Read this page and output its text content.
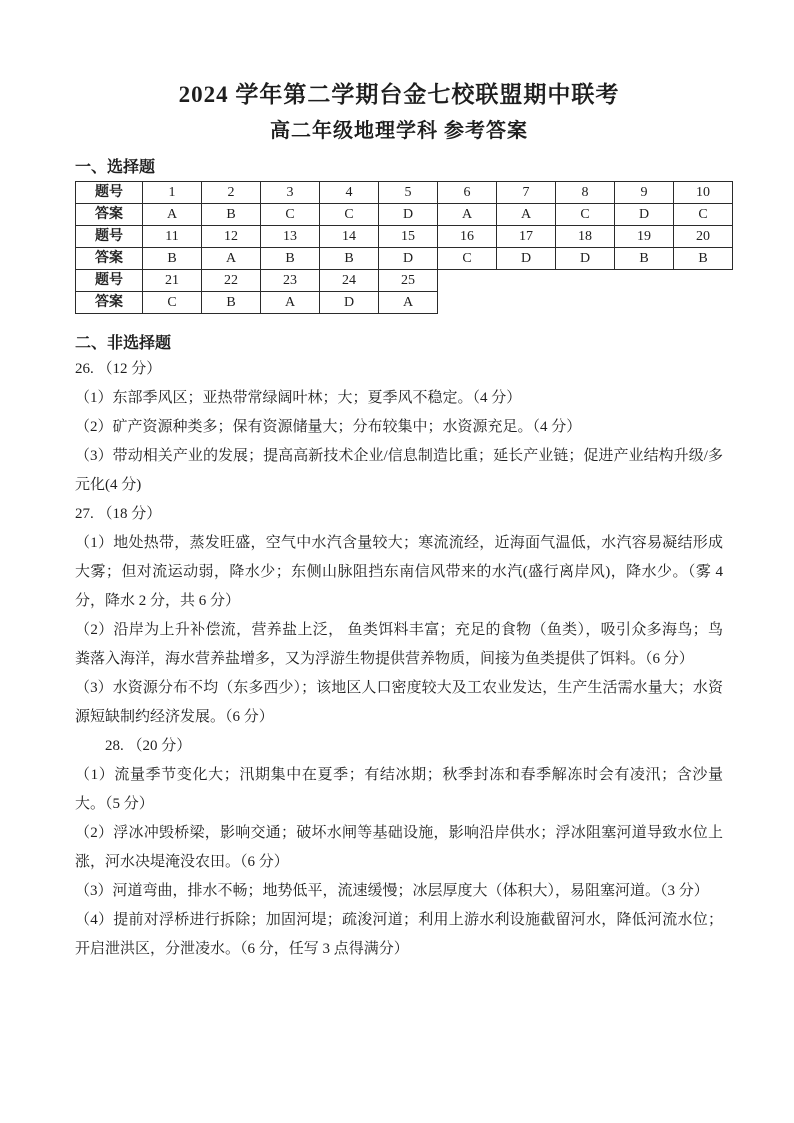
2024 学年第二学期台金七校联盟期中联考
高二年级地理学科 参考答案
一、选择题
题号	1	2	3	4	5	6	7	8	9	10
答案	A	B	C	C	D	A	A	C	D	C
题号	11	12	13	14	15	16	17	18	19	20
答案	B	A	B	B	D	C	D	D	B	B
题号	21	22	23	24	25					
答案	C	B	A	D	A					
二、非选择题

26. （12 分）

（1）东部季风区；亚热带常绿阔叶林；大；夏季风不稳定。（4 分）

（2）矿产资源种类多；保有资源储量大；分布较集中；水资源充足。（4 分）

（3）带动相关产业的发展；提高高新技术企业/信息制造比重；延长产业链；促进产业结构升级/多元化(4 分)

27. （18 分）

（1）地处热带，蒸发旺盛，空气中水汽含量较大；寒流流经，近海面气温低，水汽容易凝结形成大雾；但对流运动弱，降水少；东侧山脉阻挡东南信风带来的水汽(盛行离岸风)，降水少。（雾 4 分，降水 2 分，共 6 分）

（2）沿岸为上升补偿流，营养盐上泛， 鱼类饵料丰富；充足的食物（鱼类），吸引众多海鸟；鸟粪落入海洋，海水营养盐增多，又为浮游生物提供营养物质，间接为鱼类提供了饵料。（6 分）

（3）水资源分布不均（东多西少）；该地区人口密度较大及工农业发达，生产生活需水量大；水资源短缺制约经济发展。（6 分）

28. （20 分）

（1）流量季节变化大；汛期集中在夏季；有结冰期；秋季封冻和春季解冻时会有凌汛；含沙量大。（5 分）

（2）浮冰冲毁桥梁，影响交通；破坏水闸等基础设施，影响沿岸供水；浮冰阻塞河道导致水位上涨，河水决堤淹没农田。（6 分）

（3）河道弯曲，排水不畅；地势低平，流速缓慢；冰层厚度大（体积大），易阻塞河道。（3 分）

（4）提前对浮桥进行拆除；加固河堤；疏浚河道；利用上游水利设施截留河水，降低河流水位；开启泄洪区，分泄凌水。（6 分，任写 3 点得满分）
